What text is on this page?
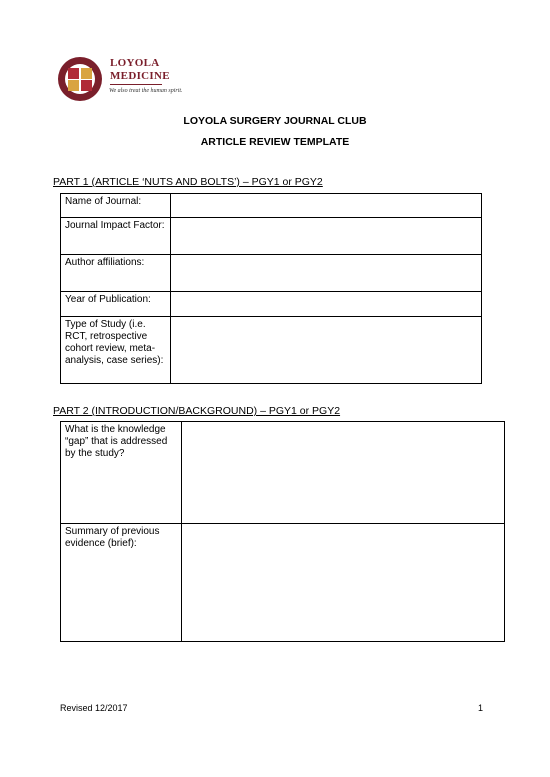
LOYOLA
MEDICINE
We also treat the human spirit.
LOYOLA SURGERY JOURNAL CLUB
ARTICLE REVIEW TEMPLATE
PART 1 (ARTICLE ‘NUTS AND BOLTS’) – PGY1 or PGY2
Name of Journal:	
Journal Impact Factor:	
Author affiliations:	
Year of Publication:	
Type of Study (i.e. RCT, retrospective cohort review, meta-analysis, case series):	
PART 2 (INTRODUCTION/BACKGROUND) – PGY1 or PGY2
What is the knowledge “gap” that is addressed by the study?	
Summary of previous evidence (brief):	
Revised 12/2017	1
